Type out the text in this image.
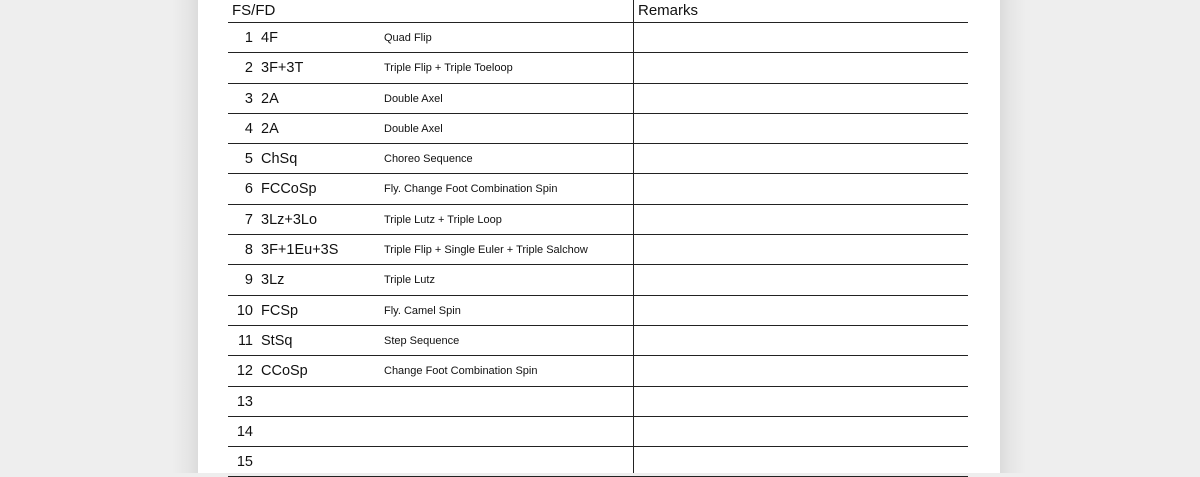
FS/FD	Remarks
1 4F	Quad Flip
2 3F+3T	Triple Flip + Triple Toeloop
3 2A	Double Axel
4 2A	Double Axel
5 ChSq	Choreo Sequence
6 FCCoSp	Fly. Change Foot Combination Spin
7 3Lz+3Lo	Triple Lutz + Triple Loop
8 3F+1Eu+3S	Triple Flip + Single Euler + Triple Salchow
9 3Lz	Triple Lutz
10 FCSp	Fly. Camel Spin
11 StSq	Step Sequence
12 CCoSp	Change Foot Combination Spin
13
14
15
